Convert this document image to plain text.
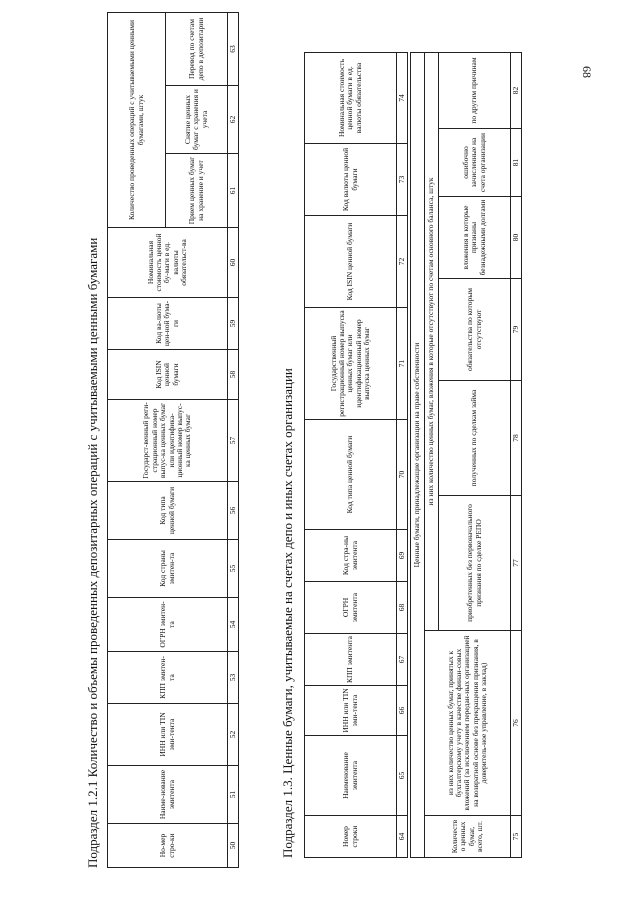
68
Подраздел 1.2.1 Количество и объемы проведенных депозитарных операций с учитываемыми ценными бумагами	Но-мер стро-ки	Наиме-нование эмитента	ИНН или TIN эми-тента	КПП эмитен-та	ОГРН эмитен-та	Код страны эмитен-та	Код типа ценной бумаги	Государст-венный реги-страционный номер выпус-ка ценных бумаг или идентифика-ционный номер выпус-ка ценных бумаг	Код ISIN ценной бумаги	Код ва-люты цен-ной бума-ги	Номинальная стоимость ценной бу-маги в ед. валюты обязательст-ва	Количество проведенных операций с учитываемыми ценными бумагами, штук		
											Прием ценных бумаг на хранение и учет	Снятие ценных бумаг с хранения и учета	Перевод по счетам депо в депозитарии
50	51	52	53	54	55	56	57	58	59	60	61	62	63
Подраздел 1.3. Ценные бумаги, учитываемые на счетах депо и иных счетах организации	Номер строки	Наименование эмитента	ИНН или TIN эми-тента	КПП эмитента	ОГРН эмитента	Код стра-ны эмитента	Код типа ценной бумаги	Государственный регистрационный номер выпуска ценных бумаг или идентификационный номер выпуска ценных бумаг	Код ISIN ценной бумаги	Код валюты ценной бумаги	Номинальная стоимость ценной бумаги в ед. валюты обязательства
64	65	66	67	68	69	70	71	72	73	74
Ценные бумаги, принадлежащие организации на праве собственности							
Количество ценных бумаг, всего, шт.	из них количество ценных бумаг, принятых к бухгалтерскому учету в качестве финан-совых вложений (за исключением передан-ных организацией на возвратной основе без прекращения признания, в доверитель-ное управление, в заклад)	из них количество ценных бумаг, вложения в которые отсутствуют по счетам основного баланса, штук					
		приобретенных без первоначального признания по сделке РЕПО	полученных по сделкам займа	обязательства по которым отсутствуют	вложения в которые признаны безнадежными долгами	ошибочно зачисленные на счета организации	по другим причинам
75	76	77	78	79	80	81	82
